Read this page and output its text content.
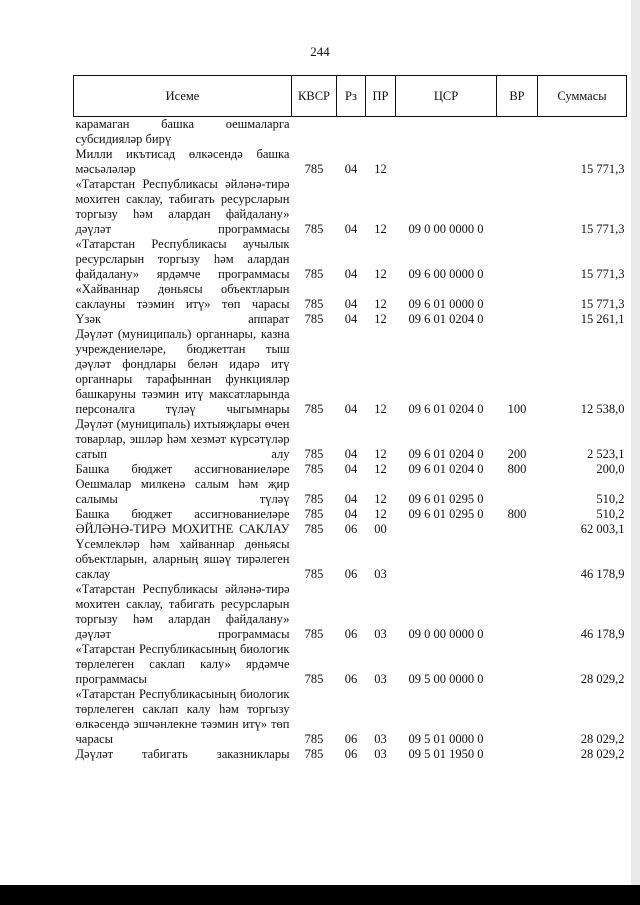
244
Исеме	КВСР	Рз	ПР	ЦСР	ВР	Суммасы
карамаган башка оешмаларга субсидияләр бирү						
Милли икътисад өлкәсендә башка мәсьәләләр	785	04	12			15 771,3
«Татарстан Республикасы әйләнә-тирә мохитен саклау, табигать ресурсларын торгызу һәм алардан файдалану» дәүләт программасы	785	04	12	09 0 00 0000 0		15 771,3
«Татарстан Республикасы аучылык ресурсларын торгызу һәм алардан файдалану» ярдәмче программасы	785	04	12	09 6 00 0000 0		15 771,3
«Хайваннар дөньясы объектларын саклауны тәэмин итү» төп чарасы	785	04	12	09 6 01 0000 0		15 771,3
Үзәк аппарат	785	04	12	09 6 01 0204 0		15 261,1
Дәүләт (муниципаль) органнары, казна учреждениеләре, бюджеттан тыш дәүләт фондлары белән идарә итү органнары тарафыннан функцияләр башкаруны тәэмин итү максатларында персоналга түләү чыгымнары	785	04	12	09 6 01 0204 0	100	12 538,0
Дәүләт (муниципаль) ихтыяҗлары өчен товарлар, эшләр һәм хезмәт күрсәтүләр сатып алу	785	04	12	09 6 01 0204 0	200	2 523,1
Башка бюджет ассигнованиеләре	785	04	12	09 6 01 0204 0	800	200,0
Оешмалар милкенә салым һәм җир салымы түләү	785	04	12	09 6 01 0295 0		510,2
Башка бюджет ассигнованиеләре	785	04	12	09 6 01 0295 0	800	510,2
ӘЙЛӘНӘ-ТИРӘ МОХИТНЕ САКЛАУ	785	06	00			62 003,1
Үсемлекләр һәм хайваннар дөньясы объектларын, аларның яшәү тирәлеген саклау	785	06	03			46 178,9
«Татарстан Республикасы әйләнә-тирә мохитен саклау, табигать ресурсларын торгызу һәм алардан файдалану» дәүләт программасы	785	06	03	09 0 00 0000 0		46 178,9
«Татарстан Республикасының биологик төрлелеген саклап калу» ярдәмче программасы	785	06	03	09 5 00 0000 0		28 029,2
«Татарстан Республикасының биологик төрлелеген саклап калу һәм торгызу өлкәсендә эшчәнлекне тәэмин итү» төп чарасы	785	06	03	09 5 01 0000 0		28 029,2
Дәүләт табигать заказниклары	785	06	03	09 5 01 1950 0		28 029,2
